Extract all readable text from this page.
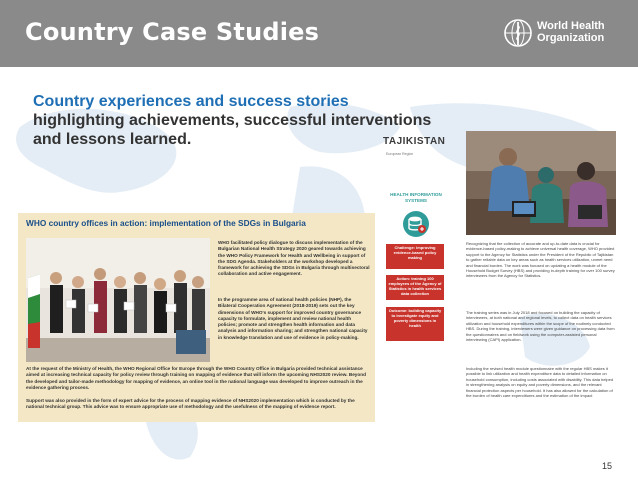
Country Case Studies	World Health
Organization
Country experiences and success stories
highlighting achievements, successful interventions
and lessons learned.	TAJIKISTAN
European Region
HEALTH INFORMATION SYSTEMS
Challenge: improving evidence-based policy making
Action: training 100 employees of the Agency of Statistics in health services data collection
Outcome: building capacity to investigate equity and poverty dimensions in health
Recognizing that the collection of accurate and up-to-date data is crucial for evidence-based policy-making to achieve universal health coverage, WHO provided support to the Agency for Statistics under the President of the Republic of Tajikistan to gather reliable data on key areas such as health services utilization, unmet need and financial burden. The work was focused on updating a health module of the Household Budget Survey (HBS) and providing in-depth training for over 100 survey interviewers from the Agency for Statistics.
The training series was in July 2018 and focused on building the capacity of interviewers, at both national and regional levels, to collect data on health services utilization and household expenditures within the scope of the routinely conducted HBS. During the training, interviewers were given guidance on processing data from the questionnaires and on fieldwork using the computer-assisted personal interviewing (CAPI) application.
Including the revised health module questionnaire with the regular HBS makes it possible to link utilization and health expenditure data to detailed information on household consumption, including costs associated with disability. This data helped in strengthening analysis on equity and poverty dimensions, and the relevant financial protection aspects per household. It has also allowed for the calculation of the burden of health care expenditures and the estimation of the impact
WHO country offices in action: implementation of the SDGs in Bulgaria
WHO facilitated policy dialogue to discuss implementation of the Bulgarian National Health Strategy 2020 geared towards achieving the WHO Policy Framework for Health and Wellbeing in support of the SDG Agenda. Stakeholders at the workshop developed a framework for achieving the SDGs in Bulgaria through multisectoral collaboration and active engagement.
In the programme area of national health policies (NHP), the Bilateral Cooperation Agreement (2018-2019) sets out the key dimensions of WHO's support for improved country governance capacity to formulate, implement and review national health policies; promote and strengthen health information and data analysis and information sharing; and strengthen national capacity in knowledge translation and use of evidence in policy-making.
At the request of the Ministry of Health, the WHO Regional Office for Europe through the WHO Country Office in Bulgaria provided technical assistance aimed at increasing technical capacity for policy review through training on mapping of evidence that will inform the upcoming NHS2020 review. Beyond the developed and tailor-made methodology for mapping of evidence, an online tool in the national language was developed to improve outreach in the evidence gathering process.
Support was also provided in the form of expert advice for the process of mapping evidence of NHS2020 implementation which is conducted by the national technical group. This advice was to ensure appropriate use of methodology and the usefulness of the mapping of evidence report.
15
